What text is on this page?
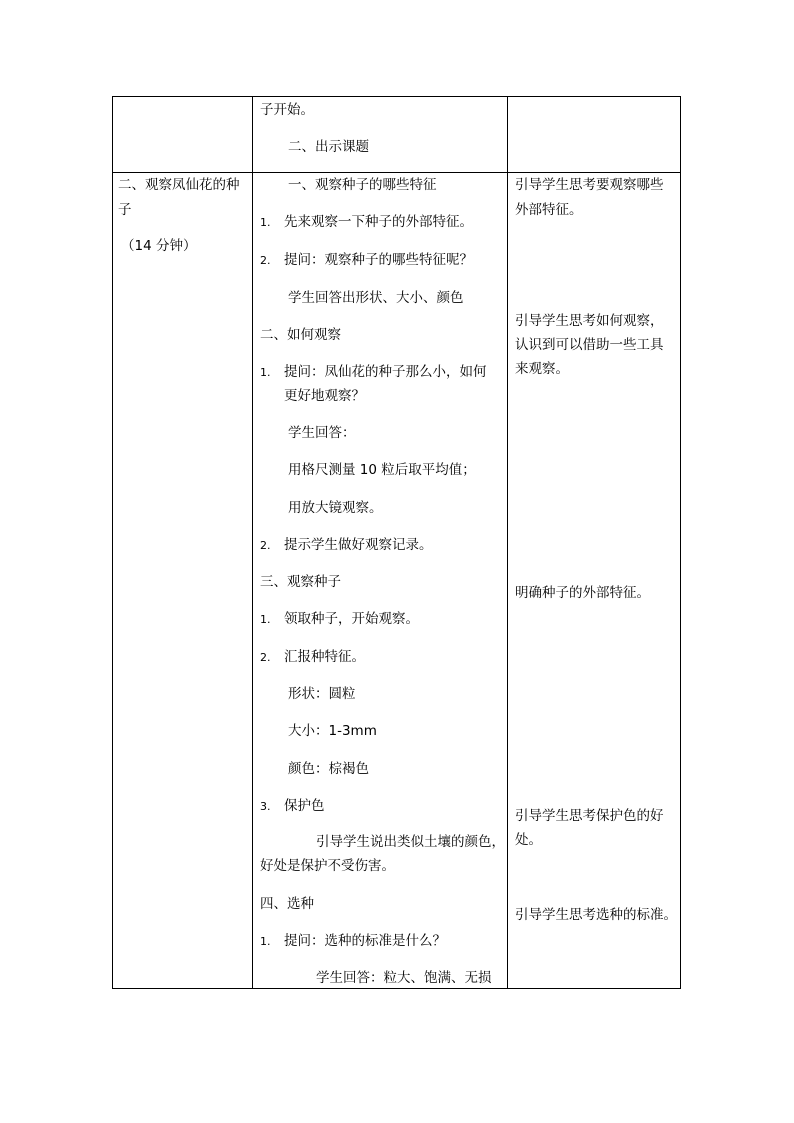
子开始。
二、出示课题
二、观察凤仙花的种
子
（14 分钟）
一、观察种子的哪些特征
1. 先来观察一下种子的外部特征。
2. 提问：观察种子的哪些特征呢？
学生回答出形状、大小、颜色
二、如何观察
1. 提问：凤仙花的种子那么小，如何
更好地观察？
学生回答：
用格尺测量 10 粒后取平均值；
用放大镜观察。
2. 提示学生做好观察记录。
三、观察种子
1. 领取种子，开始观察。
2. 汇报种特征。
形状：圆粒
大小：1-3mm
颜色：棕褐色
3. 保护色
引导学生说出类似土壤的颜色，
好处是保护不受伤害。
四、选种
1. 提问：选种的标准是什么？
学生回答：粒大、饱满、无损
引导学生思考要观察哪些
外部特征。
引导学生思考如何观察，
认识到可以借助一些工具
来观察。
明确种子的外部特征。
引导学生思考保护色的好
处。
引导学生思考选种的标准。
